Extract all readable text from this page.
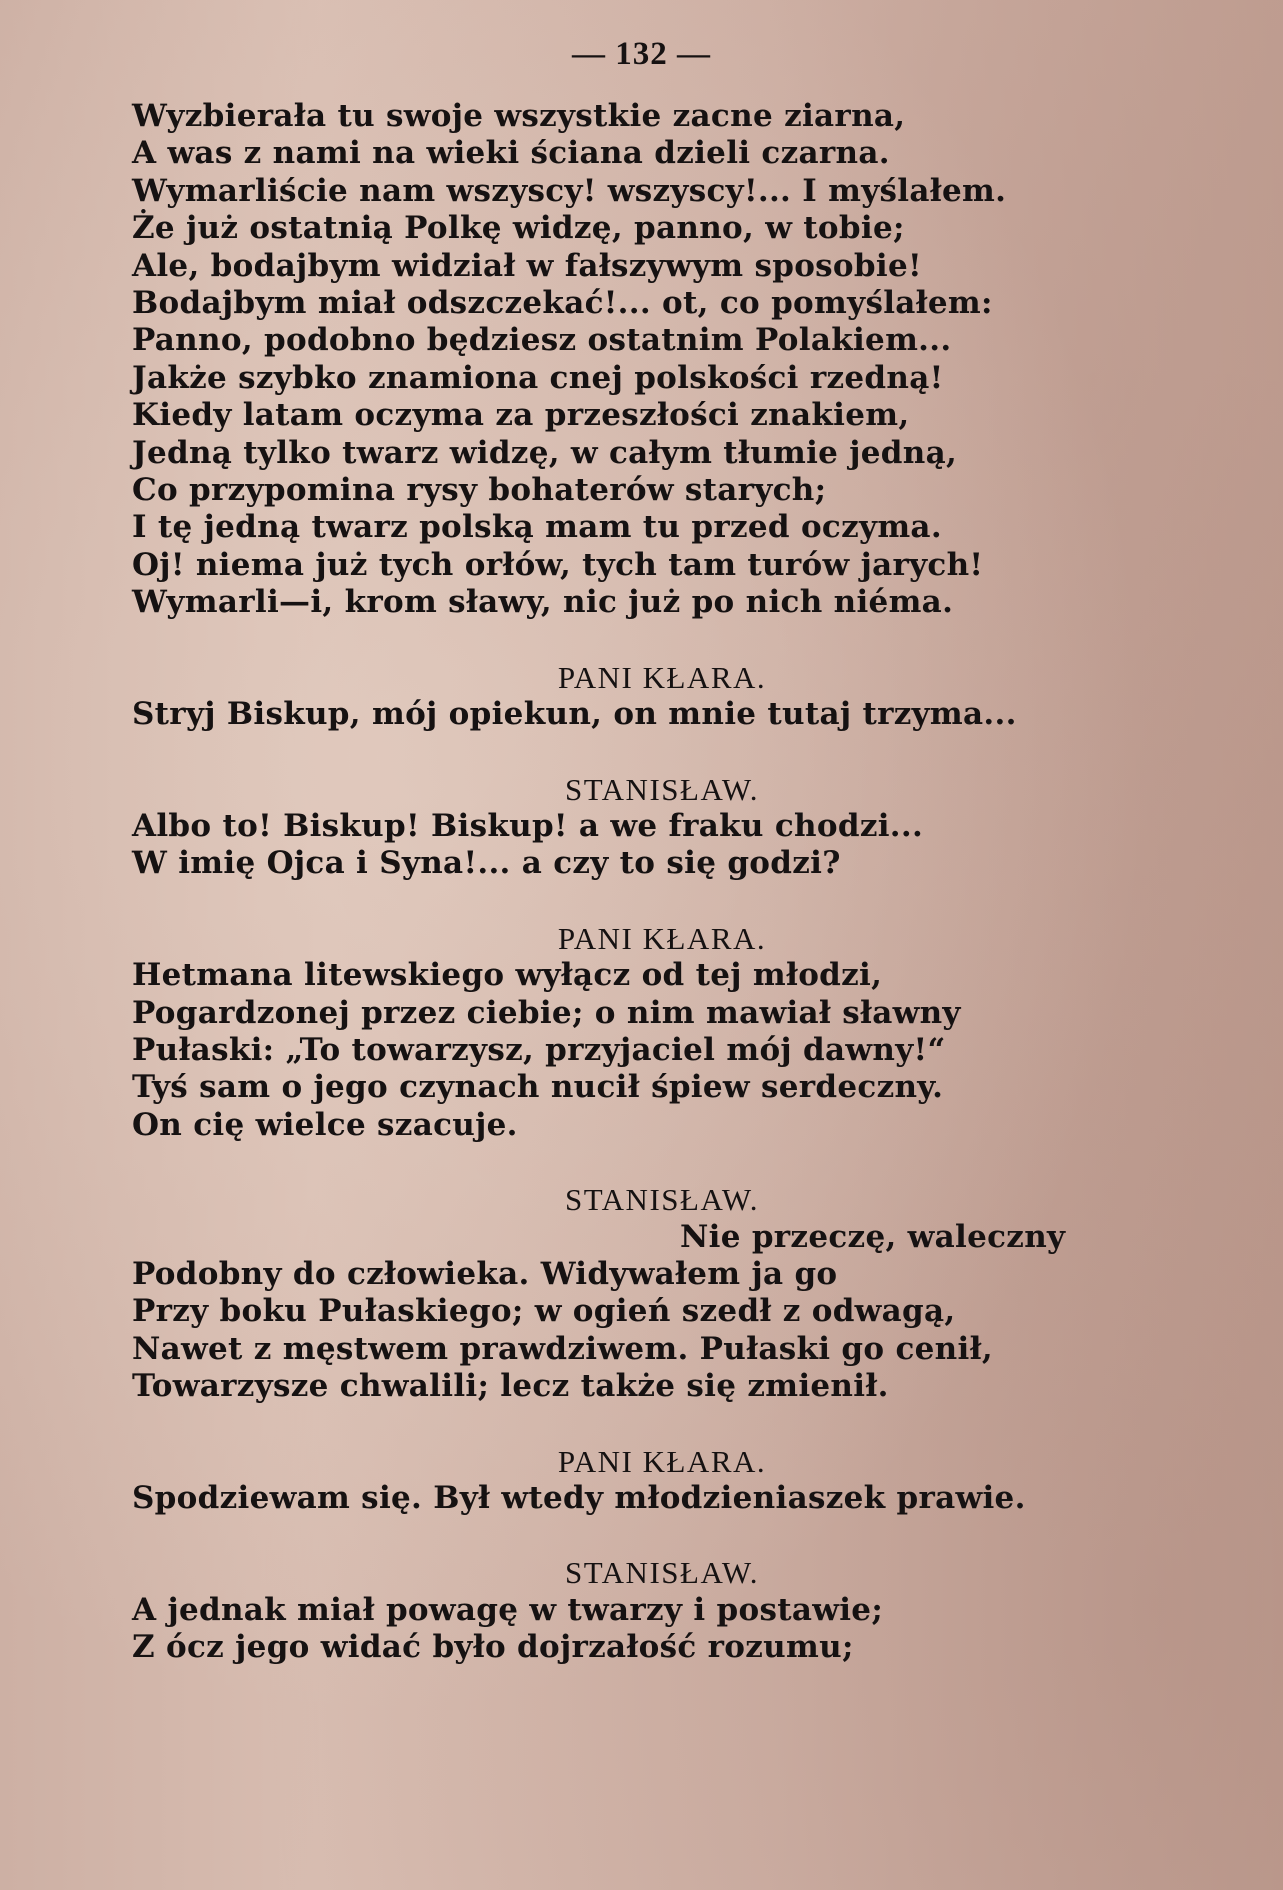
— 132 —
Wyzbierała tu swoje wszystkie zacne ziarna,
A was z nami na wieki ściana dzieli czarna.
Wymarliście nam wszyscy! wszyscy!... I myślałem.
Że już ostatnią Polkę widzę, panno, w tobie;
Ale, bodajbym widział w fałszywym sposobie!
Bodajbym miał odszczekać!... ot, co pomyślałem:
Panno, podobno będziesz ostatnim Polakiem...
Jakże szybko znamiona cnej polskości rzedną!
Kiedy latam oczyma za przeszłości znakiem,
Jedną tylko twarz widzę, w całym tłumie jedną,
Co przypomina rysy bohaterów starych;
I tę jedną twarz polską mam tu przed oczyma.
Oj! niema już tych orłów, tych tam turów jarych!
Wymarli—i, krom sławy, nic już po nich niéma.
PANI KŁARA.
Stryj Biskup, mój opiekun, on mnie tutaj trzyma...
STANISŁAW.
Albo to! Biskup! Biskup! a we fraku chodzi...
W imię Ojca i Syna!... a czy to się godzi?
PANI KŁARA.
Hetmana litewskiego wyłącz od tej młodzi,
Pogardzonej przez ciebie; o nim mawiał sławny
Pułaski: „To towarzysz, przyjaciel mój dawny!“
Tyś sam o jego czynach nucił śpiew serdeczny.
On cię wielce szacuje.
STANISŁAW.
Nie przeczę, waleczny
Podobny do człowieka. Widywałem ja go
Przy boku Pułaskiego; w ogień szedł z odwagą,
Nawet z męstwem prawdziwem. Pułaski go cenił,
Towarzysze chwalili; lecz także się zmienił.
PANI KŁARA.
Spodziewam się. Był wtedy młodzieniaszek prawie.
STANISŁAW.
A jednak miał powagę w twarzy i postawie;
Z ócz jego widać było dojrzałość rozumu;
